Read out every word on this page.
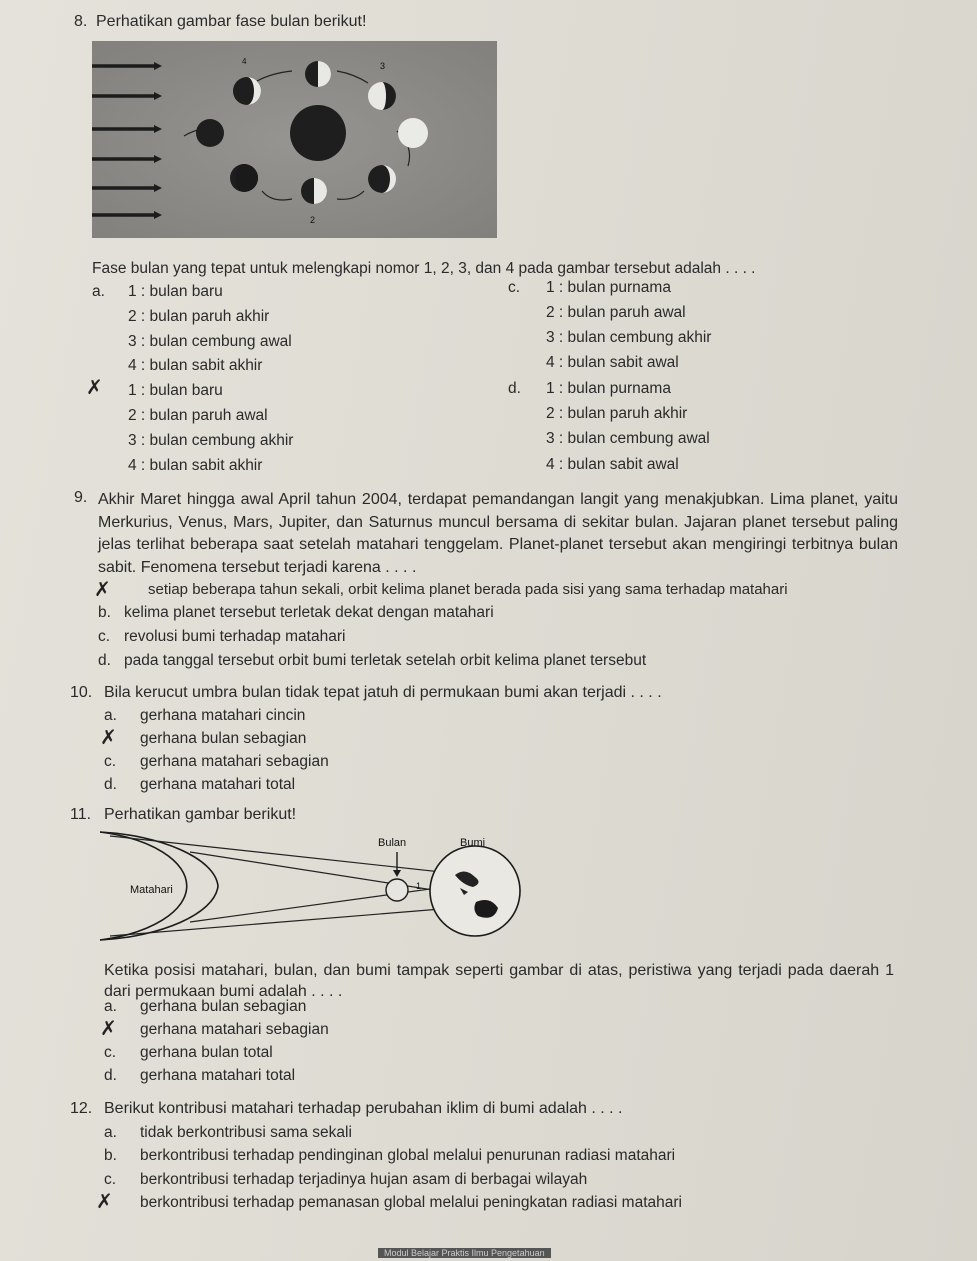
8. Perhatikan gambar fase bulan berikut!
4	3
2
Fase bulan yang tepat untuk melengkapi nomor 1, 2, 3, dan 4 pada gambar tersebut adalah . . . .
a. 1 : bulan baru
2 : bulan paruh akhir
3 : bulan cembung awal
4 : bulan sabit akhir
✗ 1 : bulan baru
2 : bulan paruh awal
3 : bulan cembung akhir
4 : bulan sabit akhir
c. 1 : bulan purnama
2 : bulan paruh awal
3 : bulan cembung akhir
4 : bulan sabit awal
d. 1 : bulan purnama
2 : bulan paruh akhir
3 : bulan cembung awal
4 : bulan sabit awal
9. Akhir Maret hingga awal April tahun 2004, terdapat pemandangan langit yang menakjubkan. Lima planet, yaitu Merkurius, Venus, Mars, Jupiter, dan Saturnus muncul bersama di sekitar bulan. Jajaran planet tersebut paling jelas terlihat beberapa saat setelah matahari tenggelam. Planet-planet tersebut akan mengiringi terbitnya bulan sabit. Fenomena tersebut terjadi karena . . . .
✗ setiap beberapa tahun sekali, orbit kelima planet berada pada sisi yang sama terhadap matahari
b. kelima planet tersebut terletak dekat dengan matahari
c. revolusi bumi terhadap matahari
d. pada tanggal tersebut orbit bumi terletak setelah orbit kelima planet tersebut
10. Bila kerucut umbra bulan tidak tepat jatuh di permukaan bumi akan terjadi . . . .
a. gerhana matahari cincin
✗ gerhana bulan sebagian
c. gerhana matahari sebagian
d. gerhana matahari total
11. Perhatikan gambar berikut!
Matahari
Bulan	Bumi
1
Ketika posisi matahari, bulan, dan bumi tampak seperti gambar di atas, peristiwa yang terjadi pada daerah 1 dari permukaan bumi adalah . . . .
a. gerhana bulan sebagian
✗ gerhana matahari sebagian
c. gerhana bulan total
d. gerhana matahari total
12. Berikut kontribusi matahari terhadap perubahan iklim di bumi adalah . . . .
a. tidak berkontribusi sama sekali
b. berkontribusi terhadap pendinginan global melalui penurunan radiasi matahari
c. berkontribusi terhadap terjadinya hujan asam di berbagai wilayah
✗ berkontribusi terhadap pemanasan global melalui peningkatan radiasi matahari
Modul Belajar Praktis Ilmu Pengetahuan
